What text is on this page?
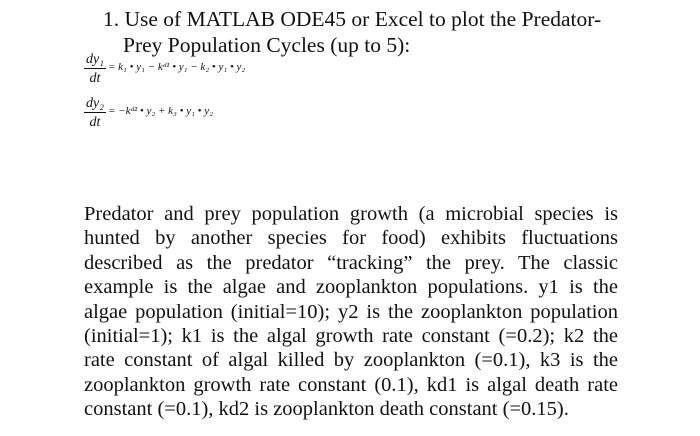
1. Use of MATLAB ODE45 or Excel to plot the Predator-
Prey Population Cycles (up to 5):
$\frac{\text{dy₁}}{dt} = k_1$ • y₁ − kᵈ¹ • y₁ − k₂ • y₁ • y₂
$\frac{\text{dy₂}}{dt}$ = −kᵈ² • y₂ + k₃ • y₁ • y₂
Predator and prey population growth (a microbial species is
hunted by another species for food) exhibits fluctuations
described as the predator “tracking” the prey. The classic
example is the algae and zooplankton populations. y1 is the
algae population (initial=10); y2 is the zooplankton population
(initial=1); k1 is the algal growth rate constant (=0.2); k2 the
rate constant of algal killed by zooplankton (=0.1), k3 is the
zooplankton growth rate constant (0.1), kd1 is algal death rate
constant (=0.1), kd2 is zooplankton death constant (=0.15).
